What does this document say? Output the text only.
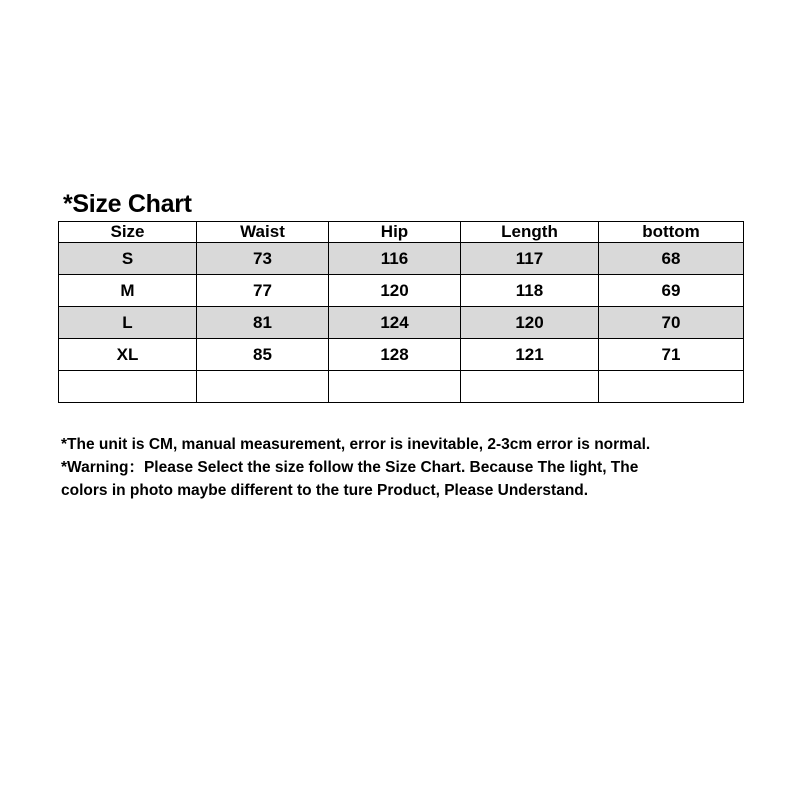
*Size Chart
Size	Waist	Hip	Length	bottom
S	73	116	117	68
M	77	120	118	69
L	81	124	120	70
XL	85	128	121	71

*The unit is CM, manual measurement, error is inevitable, 2-3cm error is normal.
*Warning：Please Select the size follow the Size Chart. Because The light, The
colors in photo maybe different to the ture Product, Please Understand.
